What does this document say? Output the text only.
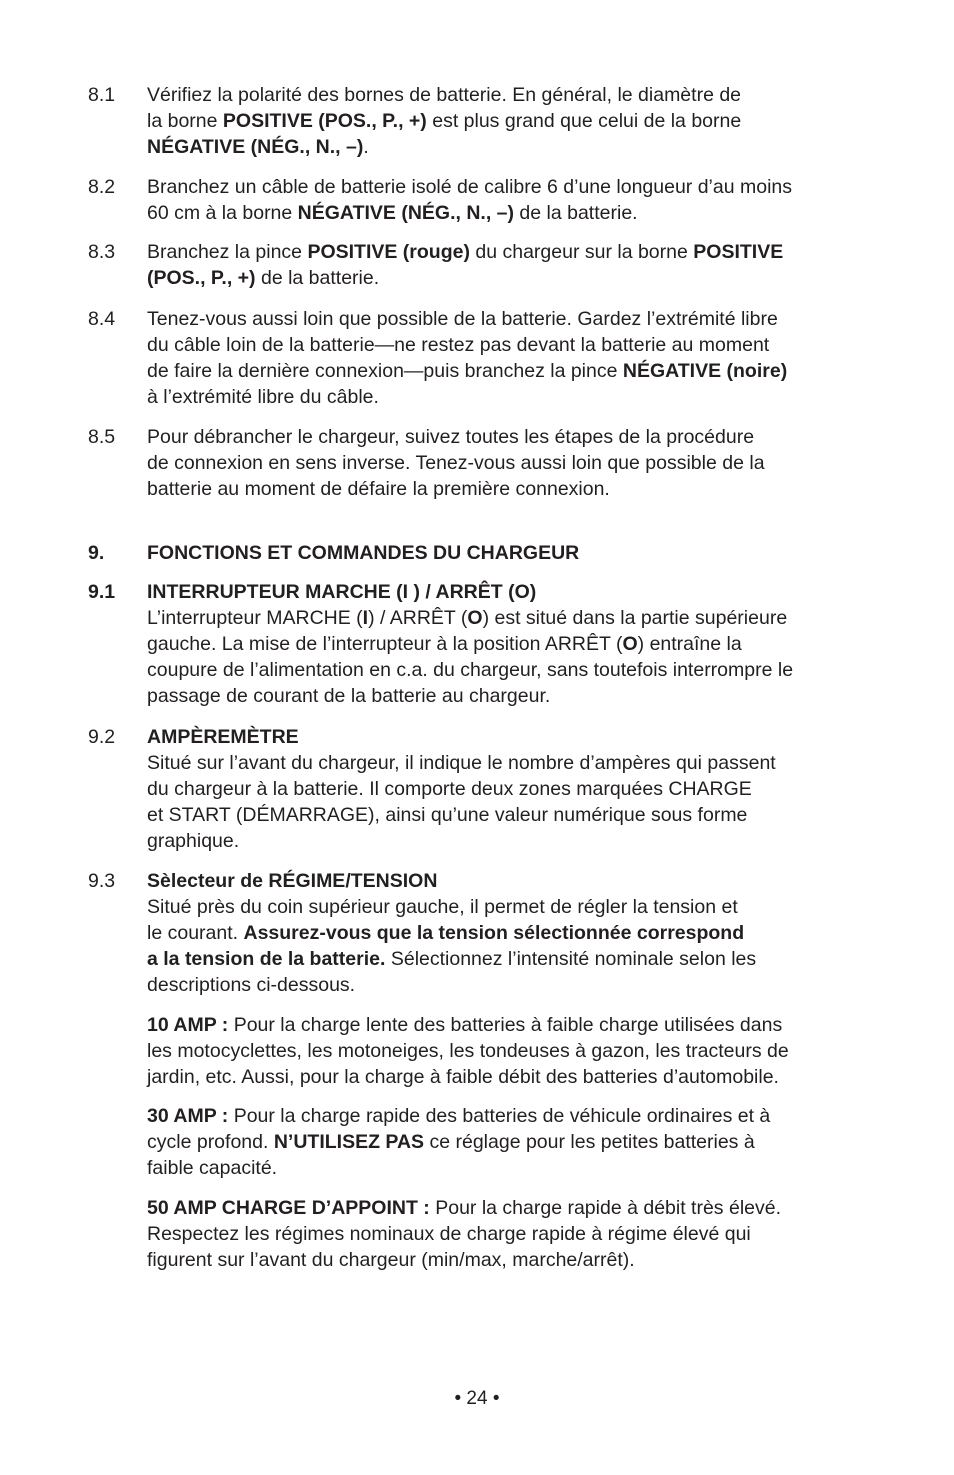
8.1 Vérifiez la polarité des bornes de batterie. En général, le diamètre de
la borne POSITIVE (POS., P., +) est plus grand que celui de la borne
NÉGATIVE (NÉG., N., –).
8.2 Branchez un câble de batterie isolé de calibre 6 d’une longueur d’au moins
60 cm à la borne NÉGATIVE (NÉG., N., –) de la batterie.
8.3 Branchez la pince POSITIVE (rouge) du chargeur sur la borne POSITIVE
(POS., P., +) de la batterie.
8.4 Tenez-vous aussi loin que possible de la batterie. Gardez l’extrémité libre
du câble loin de la batterie—ne restez pas devant la batterie au moment
de faire la dernière connexion—puis branchez la pince NÉGATIVE (noire)
à l’extrémité libre du câble.
8.5 Pour débrancher le chargeur, suivez toutes les étapes de la procédure
de connexion en sens inverse. Tenez-vous aussi loin que possible de la
batterie au moment de défaire la première connexion.
9. FONCTIONS ET COMMANDES DU CHARGEUR
9.1 INTERRUPTEUR MARCHE (I ) / ARRÊT (O)
L’interrupteur MARCHE (I) / ARRÊT (O) est situé dans la partie supérieure
gauche. La mise de l’interrupteur à la position ARRÊT (O) entraîne la
coupure de l’alimentation en c.a. du chargeur, sans toutefois interrompre le
passage de courant de la batterie au chargeur.
9.2 AMPÈREMÈTRE
Situé sur l’avant du chargeur, il indique le nombre d’ampères qui passent
du chargeur à la batterie. Il comporte deux zones marquées CHARGE
et START (DÉMARRAGE), ainsi qu’une valeur numérique sous forme
graphique.
9.3 Sèlecteur de RÉGIME/TENSION
Situé près du coin supérieur gauche, il permet de régler la tension et
le courant. Assurez-vous que la tension sélectionnée correspond
a la tension de la batterie. Sélectionnez l’intensité nominale selon les
descriptions ci-dessous.
10 AMP : Pour la charge lente des batteries à faible charge utilisées dans
les motocyclettes, les motoneiges, les tondeuses à gazon, les tracteurs de
jardin, etc. Aussi, pour la charge à faible débit des batteries d’automobile.
30 AMP : Pour la charge rapide des batteries de véhicule ordinaires et à
cycle profond. N’UTILISEZ PAS ce réglage pour les petites batteries à
faible capacité.
50 AMP CHARGE D’APPOINT : Pour la charge rapide à débit très élevé.
Respectez les régimes nominaux de charge rapide à régime élevé qui
figurent sur l’avant du chargeur (min/max, marche/arrêt).
• 24 •
